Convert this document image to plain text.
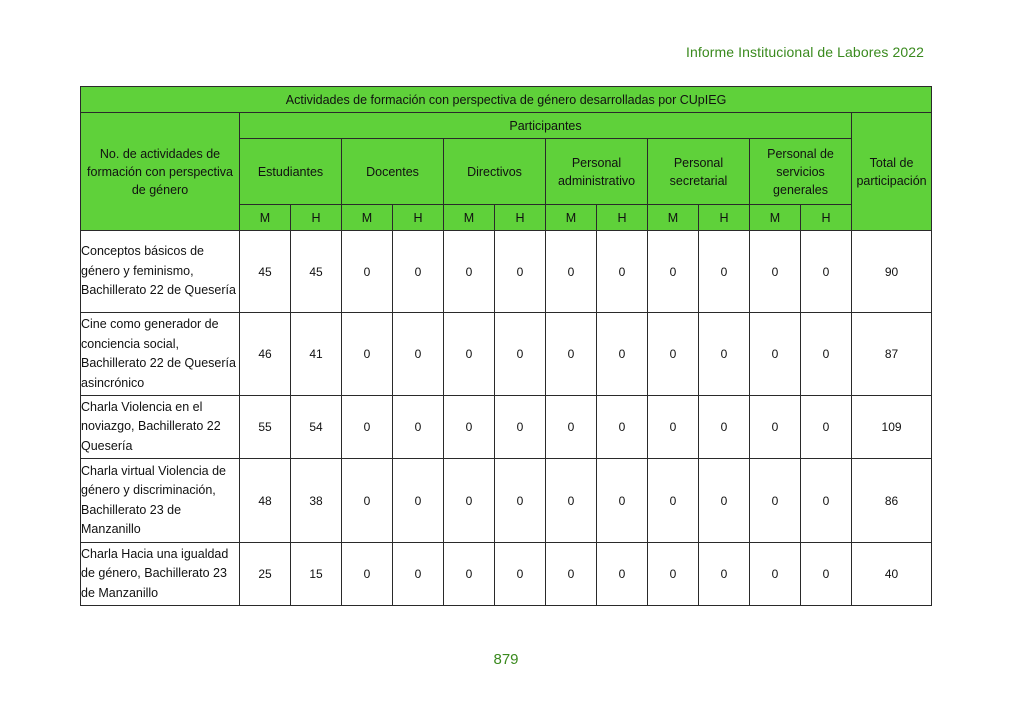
Informe Institucional de Labores 2022
Actividades de formación con perspectiva de género desarrolladas por CUpIEG													
No. de actividades de formación con perspectiva de género	Participantes												Total de participación
	Estudiantes		Docentes		Directivos		Personal administrativo		Personal secretarial		Personal de servicios generales		
	M	H	M	H	M	H	M	H	M	H	M	H	
Conceptos básicos de género y feminismo, Bachillerato 22 de Quesería	45	45	0	0	0	0	0	0	0	0	0	0	90
Cine como generador de conciencia social, Bachillerato 22 de Quesería asincrónico	46	41	0	0	0	0	0	0	0	0	0	0	87
Charla Violencia en el noviazgo, Bachillerato 22 Quesería	55	54	0	0	0	0	0	0	0	0	0	0	109
Charla virtual Violencia de género y discriminación, Bachillerato 23 de Manzanillo	48	38	0	0	0	0	0	0	0	0	0	0	86
Charla Hacia una igualdad de género, Bachillerato 23 de Manzanillo	25	15	0	0	0	0	0	0	0	0	0	0	40
879
